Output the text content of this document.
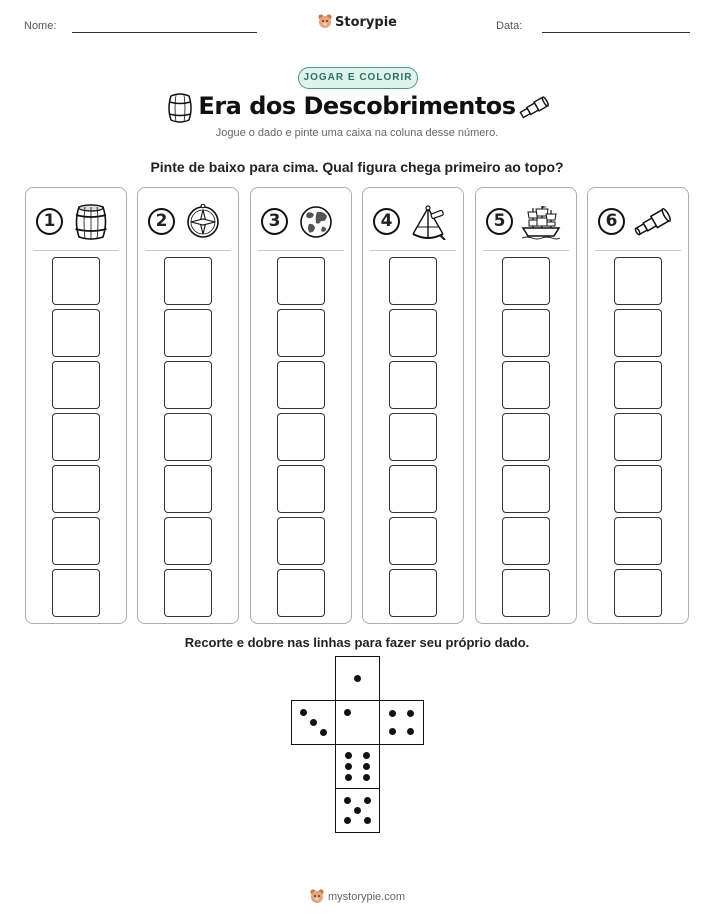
Nome:	Storypie	Data:
JOGAR E COLORIR
Era dos Descobrimentos
Jogue o dado e pinte uma caixa na coluna desse número.
Pinte de baixo para cima. Qual figura chega primeiro ao topo?
1	2	3	4	5	6
Recorte e dobre nas linhas para fazer seu próprio dado.
mystorypie.com
